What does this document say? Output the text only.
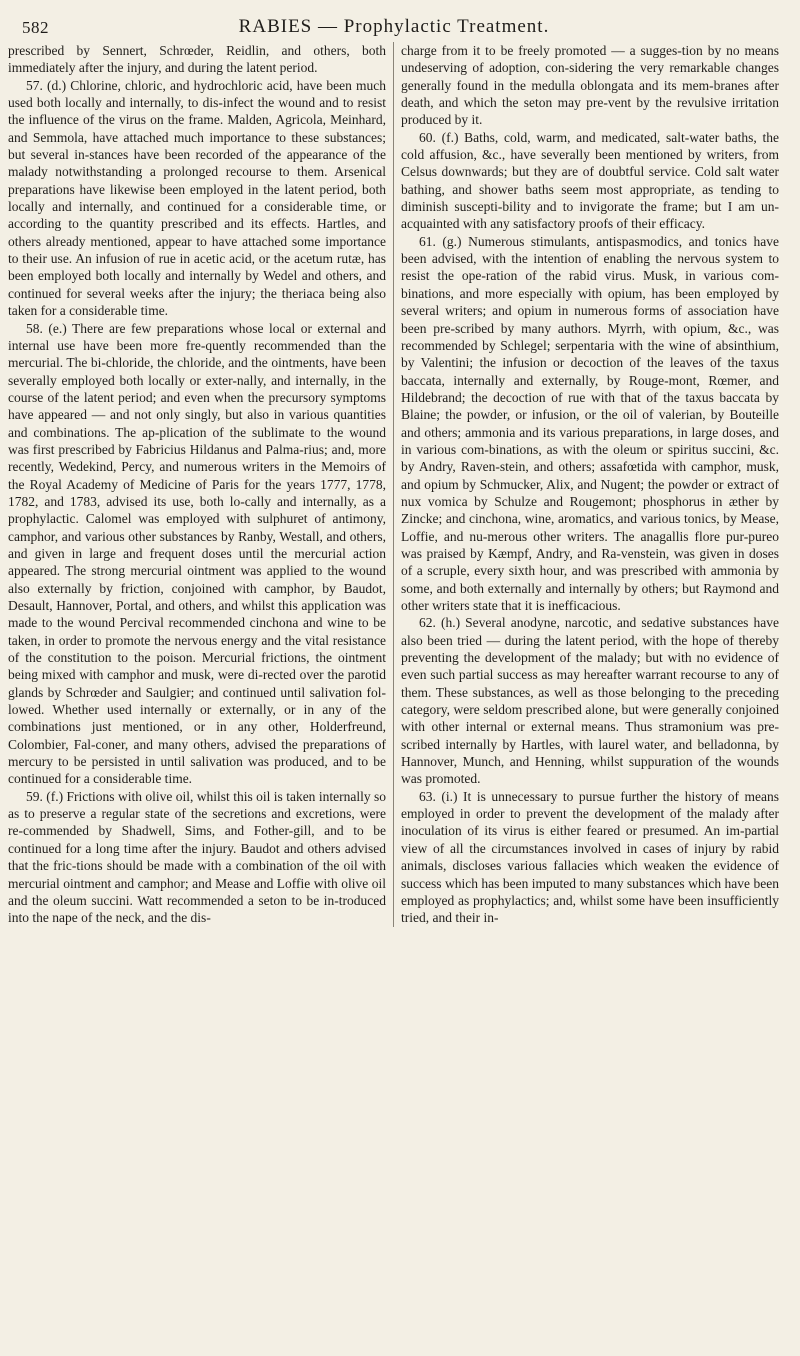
582	RABIES — Prophylactic Treatment.

prescribed by Sennert, Schrœder, Reidlin, and others, both immediately after the injury, and during the latent period.

57. (d.) Chlorine, chloric, and hydrochloric acid, have been much used both locally and internally, to dis-infect the wound and to resist the influence of the virus on the frame. Malden, Agricola, Meinhard, and Semmola, have attached much importance to these substances; but several in-stances have been recorded of the appearance of the malady notwithstanding a prolonged recourse to them. Arsenical preparations have likewise been employed in the latent period, both locally and internally, and continued for a considerable time, or according to the quantity prescribed and its effects. Hartles, and others already mentioned, appear to have attached some importance to their use. An infusion of rue in acetic acid, or the acetum rutæ, has been employed both locally and internally by Wedel and others, and continued for several weeks after the injury; the theriaca being also taken for a considerable time.

58. (e.) There are few preparations whose local or external and internal use have been more fre-quently recommended than the mercurial. The bi-chloride, the chloride, and the ointments, have been severally employed both locally or exter-nally, and internally, in the course of the latent period; and even when the precursory symptoms have appeared — and not only singly, but also in various quantities and combinations. The ap-plication of the sublimate to the wound was first prescribed by Fabricius Hildanus and Palma-rius; and, more recently, Wedekind, Percy, and numerous writers in the Memoirs of the Royal Academy of Medicine of Paris for the years 1777, 1778, 1782, and 1783, advised its use, both lo-cally and internally, as a prophylactic. Calomel was employed with sulphuret of antimony, camphor, and various other substances by Ranby, Westall, and others, and given in large and frequent doses until the mercurial action appeared. The strong mercurial ointment was applied to the wound also externally by friction, conjoined with camphor, by Baudot, Desault, Hannover, Portal, and others, and whilst this application was made to the wound Percival recommended cinchona and wine to be taken, in order to promote the nervous energy and the vital resistance of the constitution to the poison. Mercurial frictions, the ointment being mixed with camphor and musk, were di-rected over the parotid glands by Schrœder and Saulgier; and continued until salivation fol-lowed. Whether used internally or externally, or in any of the combinations just mentioned, or in any other, Holderfreund, Colombier, Fal-coner, and many others, advised the preparations of mercury to be persisted in until salivation was produced, and to be continued for a considerable time.

59. (f.) Frictions with olive oil, whilst this oil is taken internally so as to preserve a regular state of the secretions and excretions, were re-commended by Shadwell, Sims, and Fother-gill, and to be continued for a long time after the injury. Baudot and others advised that the fric-tions should be made with a combination of the oil with mercurial ointment and camphor; and Mease and Loffie with olive oil and the oleum succini. Watt recommended a seton to be in-troduced into the nape of the neck, and the dis-

charge from it to be freely promoted — a sugges-tion by no means undeserving of adoption, con-sidering the very remarkable changes generally found in the medulla oblongata and its mem-branes after death, and which the seton may pre-vent by the revulsive irritation produced by it.

60. (f.) Baths, cold, warm, and medicated, salt-water baths, the cold affusion, &c., have severally been mentioned by writers, from Celsus downwards; but they are of doubtful service. Cold salt water bathing, and shower baths seem most appropriate, as tending to diminish suscepti-bility and to invigorate the frame; but I am un-acquainted with any satisfactory proofs of their efficacy.

61. (g.) Numerous stimulants, antispasmodics, and tonics have been advised, with the intention of enabling the nervous system to resist the ope-ration of the rabid virus. Musk, in various com-binations, and more especially with opium, has been employed by several writers; and opium in numerous forms of association have been pre-scribed by many authors. Myrrh, with opium, &c., was recommended by Schlegel; serpentaria with the wine of absinthium, by Valentini; the infusion or decoction of the leaves of the taxus baccata, internally and externally, by Rouge-mont, Rœmer, and Hildebrand; the decoction of rue with that of the taxus baccata by Blaine; the powder, or infusion, or the oil of valerian, by Bouteille and others; ammonia and its various preparations, in large doses, and in various com-binations, as with the oleum or spiritus succini, &c. by Andry, Raven-stein, and others; assafœtida with camphor, musk, and opium by Schmucker, Alix, and Nugent; the powder or extract of nux vomica by Schulze and Rougemont; phosphorus in æther by Zincke; and cinchona, wine, aromatics, and various tonics, by Mease, Loffie, and nu-merous other writers. The anagallis flore pur-pureo was praised by Kæmpf, Andry, and Ra-venstein, was given in doses of a scruple, every sixth hour, and was prescribed with ammonia by some, and both externally and internally by others; but Raymond and other writers state that it is inefficacious.

62. (h.) Several anodyne, narcotic, and sedative substances have also been tried — during the latent period, with the hope of thereby preventing the development of the malady; but with no evidence of even such partial success as may hereafter warrant recourse to any of them. These substances, as well as those belonging to the preceding category, were seldom prescribed alone, but were generally conjoined with other internal or external means. Thus stramonium was pre-scribed internally by Hartles, with laurel water, and belladonna, by Hannover, Munch, and Henning, whilst suppuration of the wounds was promoted.

63. (i.) It is unnecessary to pursue further the history of means employed in order to prevent the development of the malady after inoculation of its virus is either feared or presumed. An im-partial view of all the circumstances involved in cases of injury by rabid animals, discloses various fallacies which weaken the evidence of success which has been imputed to many substances which have been employed as prophylactics; and, whilst some have been insufficiently tried, and their in-
